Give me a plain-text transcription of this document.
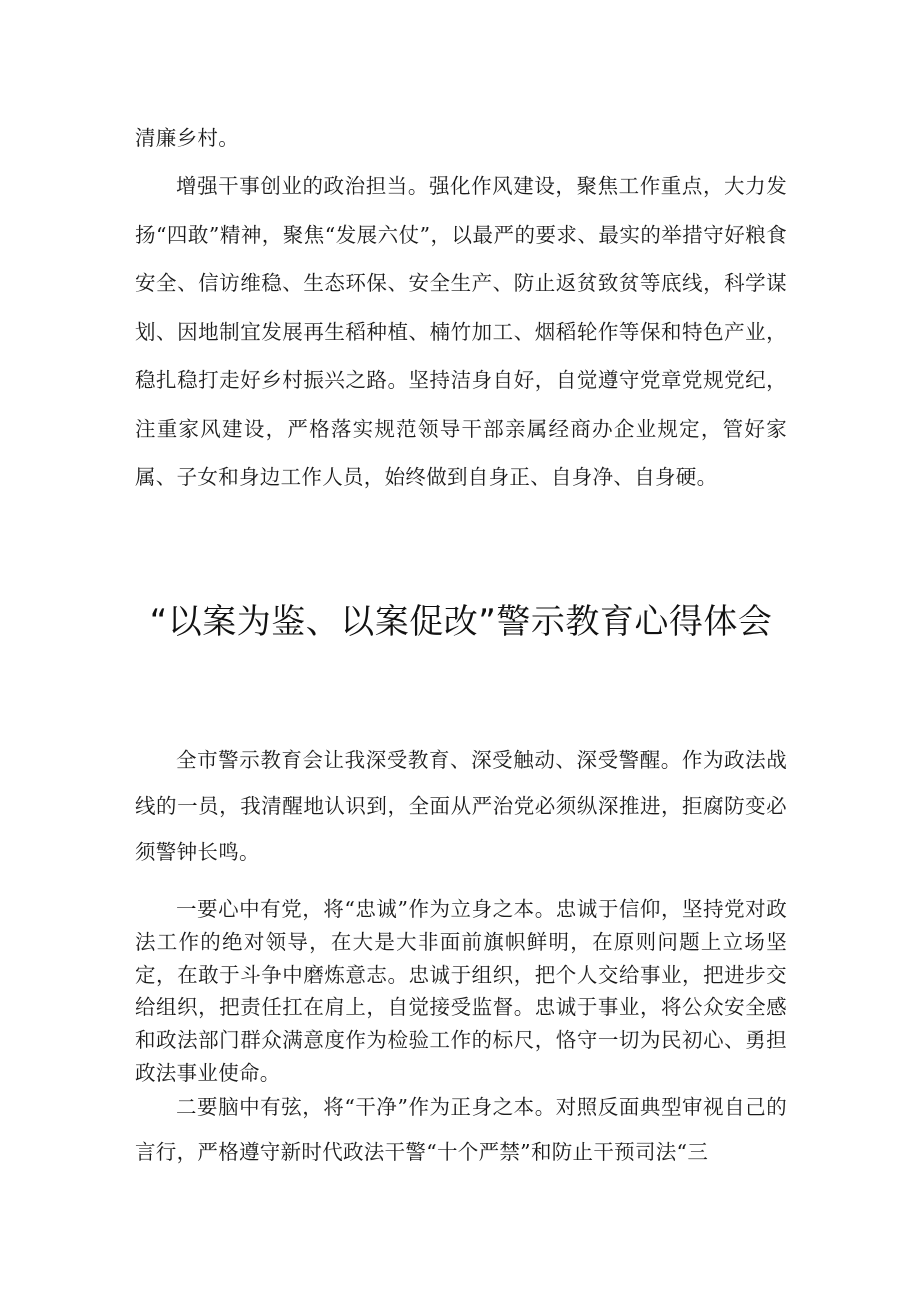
清廉乡村。

增强干事创业的政治担当。强化作风建设，聚焦工作重点，大力发扬“四敢”精神，聚焦“发展六仗”，以最严的要求、最实的举措守好粮食安全、信访维稳、生态环保、安全生产、防止返贫致贫等底线，科学谋划、因地制宜发展再生稻种植、楠竹加工、烟稻轮作等保和特色产业，稳扎稳打走好乡村振兴之路。坚持洁身自好，自觉遵守党章党规党纪，注重家风建设，严格落实规范领导干部亲属经商办企业规定，管好家属、子女和身边工作人员，始终做到自身正、自身净、自身硬。

“以案为鉴、以案促改”警示教育心得体会

全市警示教育会让我深受教育、深受触动、深受警醒。作为政法战线的一员，我清醒地认识到，全面从严治党必须纵深推进，拒腐防变必须警钟长鸣。

一要心中有党，将“忠诚”作为立身之本。忠诚于信仰，坚持党对政法工作的绝对领导，在大是大非面前旗帜鲜明，在原则问题上立场坚定，在敢于斗争中磨炼意志。忠诚于组织，把个人交给事业，把进步交给组织，把责任扛在肩上，自觉接受监督。忠诚于事业，将公众安全感和政法部门群众满意度作为检验工作的标尺，恪守一切为民初心、勇担政法事业使命。

二要脑中有弦，将“干净”作为正身之本。对照反面典型审视自己的言行，严格遵守新时代政法干警“十个严禁”和防止干预司法“三
